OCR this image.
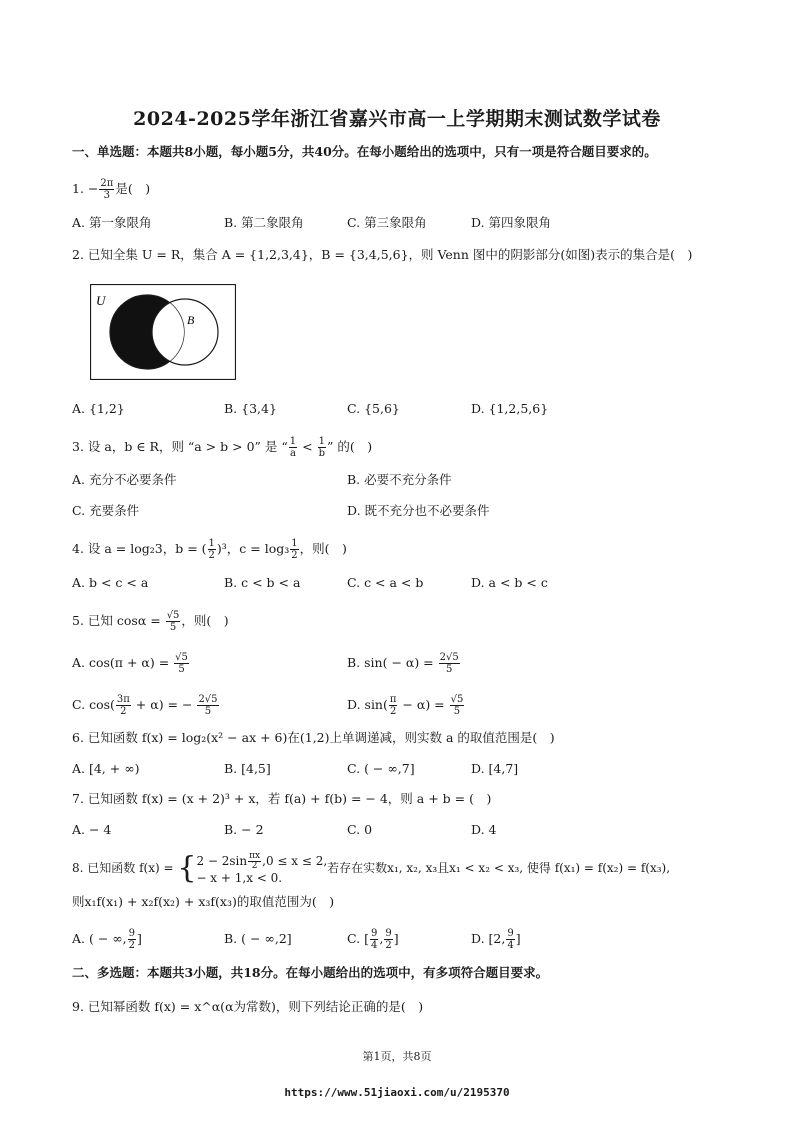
2024-2025学年浙江省嘉兴市高一上学期期末测试数学试卷
一、单选题：本题共8小题，每小题5分，共40分。在每小题给出的选项中，只有一项是符合题目要求的。
1. − $\frac{2\pi}{3}$ 是(　)
A. 第一象限角	B. 第二象限角	C. 第三象限角	D. 第四象限角
2. 已知全集 U = R，集合 A = {1,2,3,4}，B = {3,4,5,6}，则 Venn 图中的阴影部分(如图)表示的集合是(　)
U
B
A. {1,2}	B. {3,4}	C. {5,6}	D. {1,2,5,6}
3. 设 a，b ∈ R，则 “a > b > 0” 是 “ $\frac{1}{a} < \frac{1}{b}$ ” 的(　)
A. 充分不必要条件	B. 必要不充分条件
C. 充要条件	D. 既不充分也不必要条件
4. 设 a = log₂3，b = ( $\frac{1}{2} )^3$，$c = \log_3 \frac{1}{2}$ ，则(　)
A. b < c < a	B. c < b < a	C. c < a < b	D. a < b < c
5. 已知 $\cos\alpha = \frac{√5}{5}$ ，则(　)
A. $\cos(\pi + \alpha) = \frac{√5}{5}$	B. $\sin( - \alpha) = \frac{2√5}{5}$
C. $\cos( \frac{3\pi}{2} + \alpha)$ = − $\frac{2√5}{5}$	D. $\sin( \frac{\pi}{2} - \alpha) = \frac{√5}{5}$
6. 已知函数 f(x) = log₂(x² − ax + 6)在(1,2)上单调递减，则实数 a 的取值范围是(　)
A. [4, + ∞)	B. [4,5]	C. ( − ∞,7]	D. [4,7]
7. 已知函数 f(x) = (x + 2)³ + x，若 f(a) + f(b) = − 4，则 a + b = (　)
A. − 4	B. − 2	C. 0	D. 4
8. 已知函数 f(x) = { $2 - 2\sin \frac{\pi x}{2} ,0 \le x \le 2$,
− x + 1,x < 0.
若存在实数x₁, x₂, x₃且x₁ < x₂ < x₃, 使得 f(x₁) = f(x₂) = f(x₃),
则x₁f(x₁) + x₂f(x₂) + x₃f(x₃)的取值范围为(　)
A. ( − ∞, $\frac{9}{2}$ ]	B. ( − ∞,2]	C. [ $\frac{9}{4}$ , $\frac{9}{2}$ ]	D. [2, $\frac{9}{4}$ ]
二、多选题：本题共3小题，共18分。在每小题给出的选项中，有多项符合题目要求。
9. 已知幂函数 f(x) = x^α(α为常数)，则下列结论正确的是(　)
第1页，共8页
https://www.51jiaoxi.com/u/2195370
